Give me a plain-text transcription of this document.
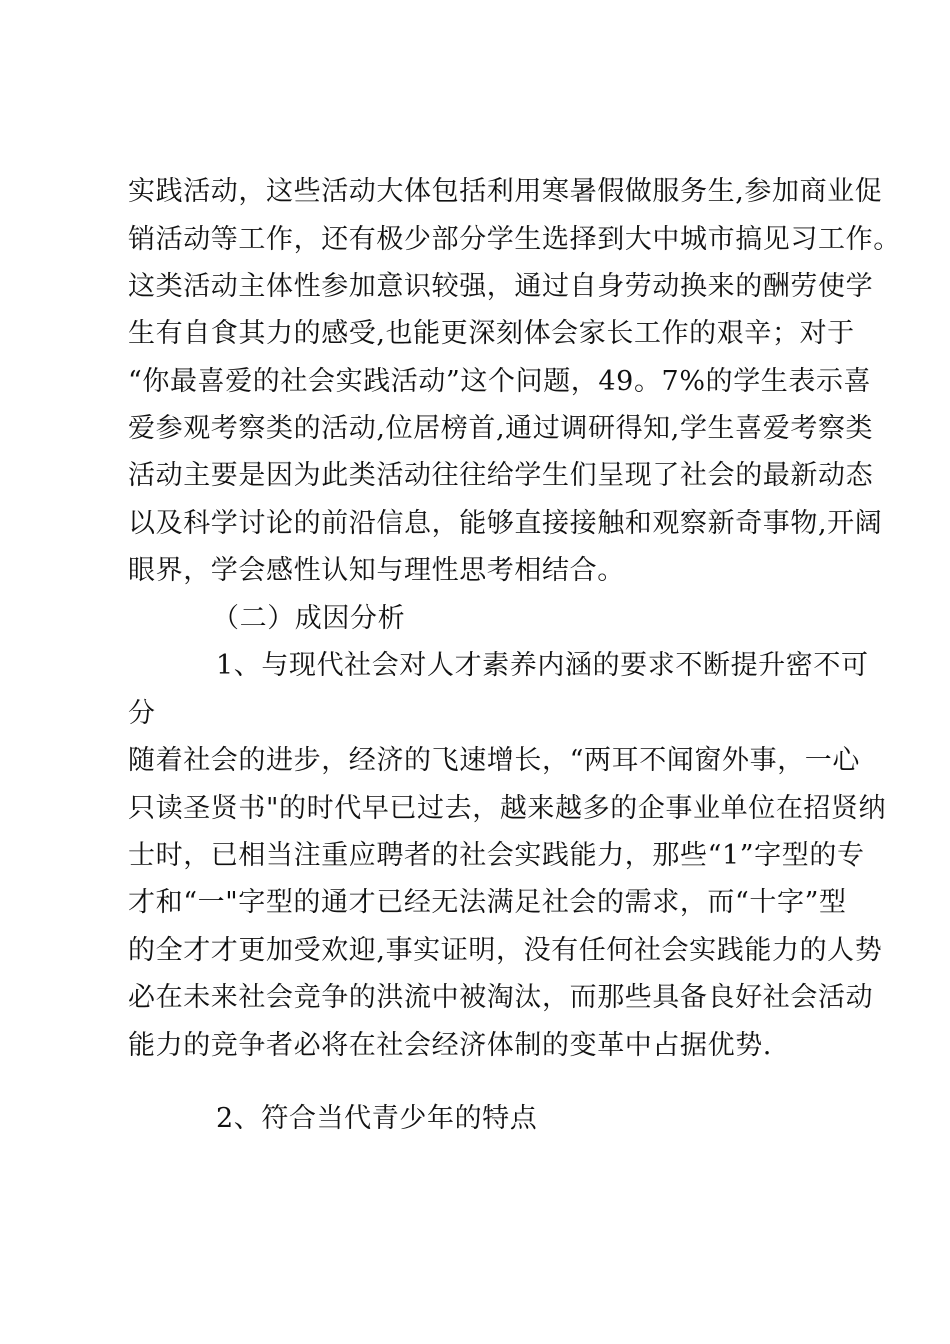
实践活动，这些活动大体包括利用寒暑假做服务生,参加商业促
销活动等工作，还有极少部分学生选择到大中城市搞见习工作。
这类活动主体性参加意识较强，通过自身劳动换来的酬劳使学
生有自食其力的感受,也能更深刻体会家长工作的艰辛；对于
“你最喜爱的社会实践活动”这个问题，49。7%的学生表示喜
爱参观考察类的活动,位居榜首,通过调研得知,学生喜爱考察类
活动主要是因为此类活动往往给学生们呈现了社会的最新动态
以及科学讨论的前沿信息，能够直接接触和观察新奇事物,开阔
眼界，学会感性认知与理性思考相结合。
（二）成因分析
1、与现代社会对人才素养内涵的要求不断提升密不可
分
随着社会的进步，经济的飞速增长，“两耳不闻窗外事，一心
只读圣贤书"的时代早已过去，越来越多的企事业单位在招贤纳
士时，已相当注重应聘者的社会实践能力，那些“1”字型的专
才和“一"字型的通才已经无法满足社会的需求，而“十字”型
的全才才更加受欢迎,事实证明，没有任何社会实践能力的人势
必在未来社会竞争的洪流中被淘汰，而那些具备良好社会活动
能力的竞争者必将在社会经济体制的变革中占据优势.
2、符合当代青少年的特点
